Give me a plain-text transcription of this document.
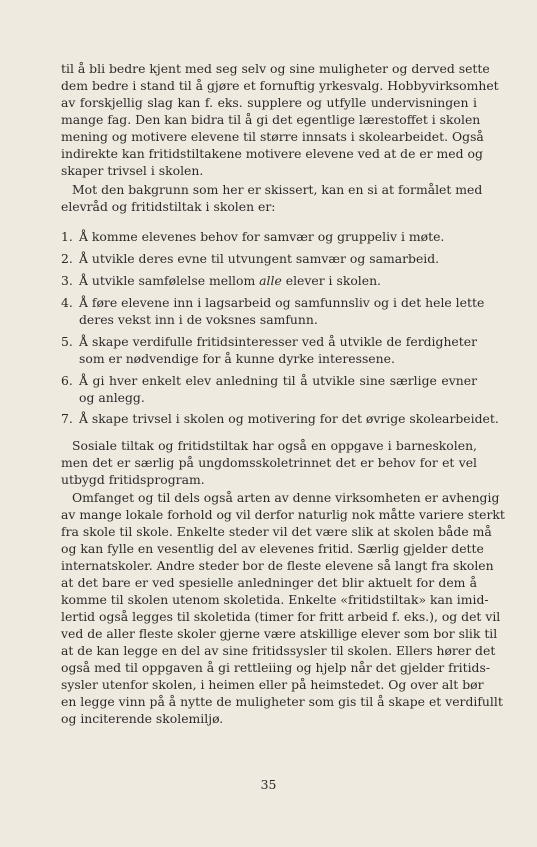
til å bli bedre kjent med seg selv og sine muligheter og derved sette
dem bedre i stand til å gjøre et fornuftig yrkesvalg. Hobbyvirksomhet
av forskjellig slag kan f. eks. supplere og utfylle undervisningen i
mange fag. Den kan bidra til å gi det egentlige lærestoffet i skolen
mening og motivere elevene til større innsats i skolearbeidet. Også
indirekte kan fritidstiltakene motivere elevene ved at de er med og
skaper trivsel i skolen.
Mot den bakgrunn som her er skissert, kan en si at formålet med
elevråd og fritidstiltak i skolen er:
1. Å komme elevenes behov for samvær og gruppeliv i møte.
2. Å utvikle deres evne til utvungent samvær og samarbeid.
3. Å utvikle samfølelse mellom alle elever i skolen.
4. Å føre elevene inn i lagsarbeid og samfunnsliv og i det hele lette
deres vekst inn i de voksnes samfunn.
5. Å skape verdifulle fritidsinteresser ved å utvikle de ferdigheter
som er nødvendige for å kunne dyrke interessene.
6. Å gi hver enkelt elev anledning til å utvikle sine særlige evner
og anlegg.
7. Å skape trivsel i skolen og motivering for det øvrige skolearbeidet.
Sosiale tiltak og fritidstiltak har også en oppgave i barneskolen,
men det er særlig på ungdomsskoletrinnet det er behov for et vel
utbygd fritidsprogram.
Omfanget og til dels også arten av denne virksomheten er avhengig
av mange lokale forhold og vil derfor naturlig nok måtte variere sterkt
fra skole til skole. Enkelte steder vil det være slik at skolen både må
og kan fylle en vesentlig del av elevenes fritid. Særlig gjelder dette
internatskoler. Andre steder bor de fleste elevene så langt fra skolen
at det bare er ved spesielle anledninger det blir aktuelt for dem å
komme til skolen utenom skoletida. Enkelte «fritidstiltak» kan imid-
lertid også legges til skoletida (timer for fritt arbeid f. eks.), og det vil
ved de aller fleste skoler gjerne være atskillige elever som bor slik til
at de kan legge en del av sine fritidssysler til skolen. Ellers hører det
også med til oppgaven å gi rettleiing og hjelp når det gjelder fritids-
sysler utenfor skolen, i heimen eller på heimstedet. Og over alt bør
en legge vinn på å nytte de muligheter som gis til å skape et verdifullt
og inciterende skolemiljø.
35
